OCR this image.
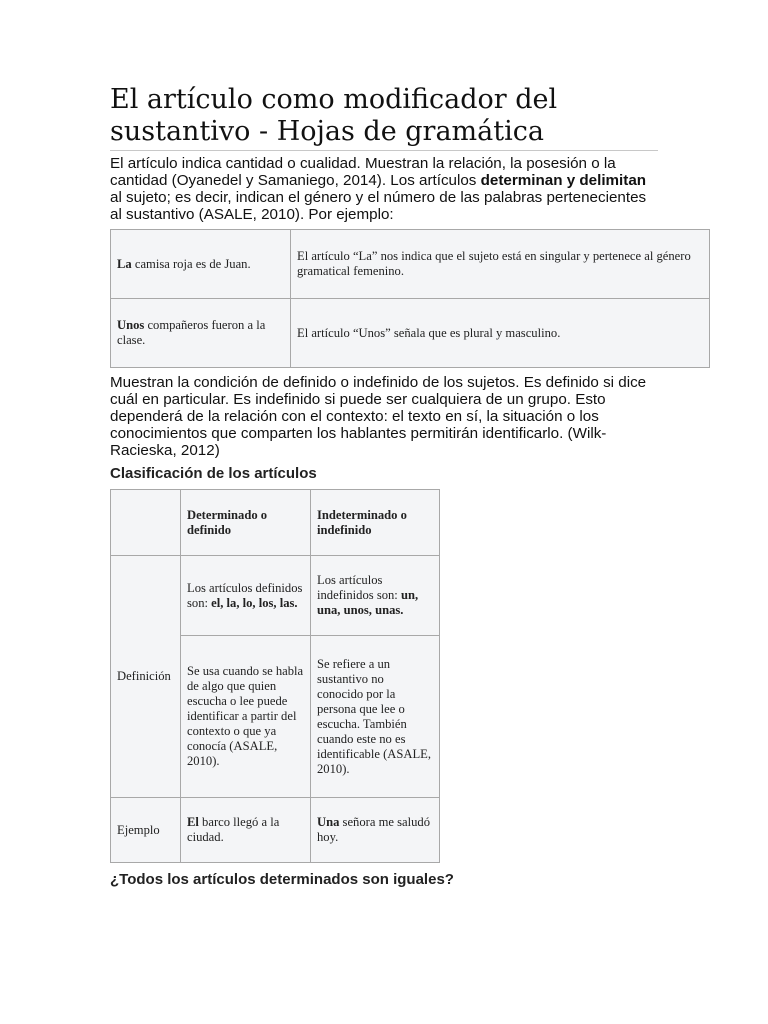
El artículo como modificador del sustantivo - Hojas de gramática
El artículo indica cantidad o cualidad. Muestran la relación, la posesión o la cantidad (Oyanedel y Samaniego, 2014). Los artículos determinan y delimitan al sujeto; es decir, indican el género y el número de las palabras pertenecientes al sustantivo (ASALE, 2010). Por ejemplo:
La camisa roja es de Juan.	El artículo “La” nos indica que el sujeto está en singular y pertenece al género gramatical femenino.
Unos compañeros fueron a la clase.	El artículo “Unos” señala que es plural y masculino.
Muestran la condición de definido o indefinido de los sujetos. Es definido si dice cuál en particular. Es indefinido si puede ser cualquiera de un grupo. Esto dependerá de la relación con el contexto: el texto en sí, la situación o los conocimientos que comparten los hablantes permitirán identificarlo. (Wilk-Racieska, 2012)
Clasificación de los artículos
	Determinado o definido	Indeterminado o indefinido
Definición	Los artículos definidos son: el, la, lo, los, las.	Los artículos indefinidos son: un, una, unos, unas.
	Se usa cuando se habla de algo que quien escucha o lee puede identificar a partir del contexto o que ya conocía (ASALE, 2010).	Se refiere a un sustantivo no conocido por la persona que lee o escucha. También cuando este no es identificable (ASALE, 2010).
Ejemplo	El barco llegó a la ciudad.	Una señora me saludó hoy.
¿Todos los artículos determinados son iguales?
